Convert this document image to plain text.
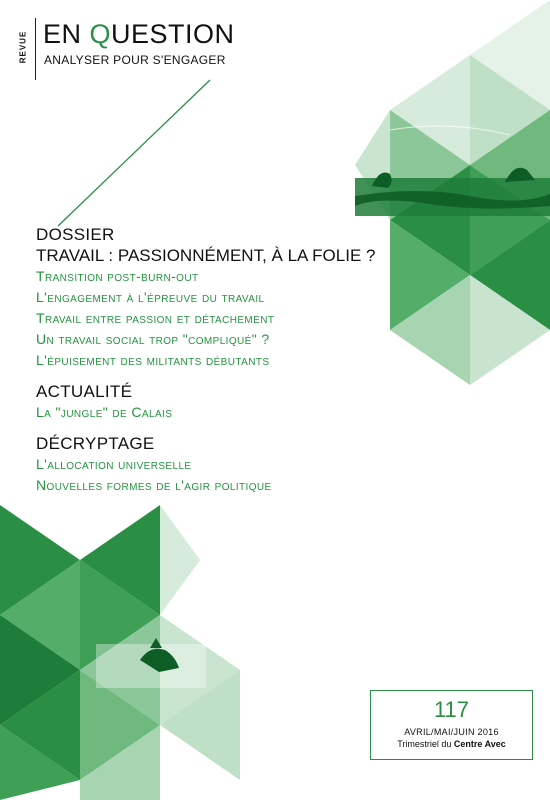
REVUE EN QUESTION
ANALYSER POUR S'ENGAGER
DOSSIER
TRAVAIL : PASSIONNÉMENT, À LA FOLIE ?
Transition post-burn-out
L'engagement à l'épreuve du travail
Travail entre passion et détachement
Un travail social trop "compliqué" ?
L'épuisement des militants débutants
ACTUALITÉ
La "jungle" de Calais
DÉCRYPTAGE
L'allocation universelle
Nouvelles formes de l'agir politique
117
AVRIL/MAI/JUIN 2016
Trimestriel du Centre Avec
